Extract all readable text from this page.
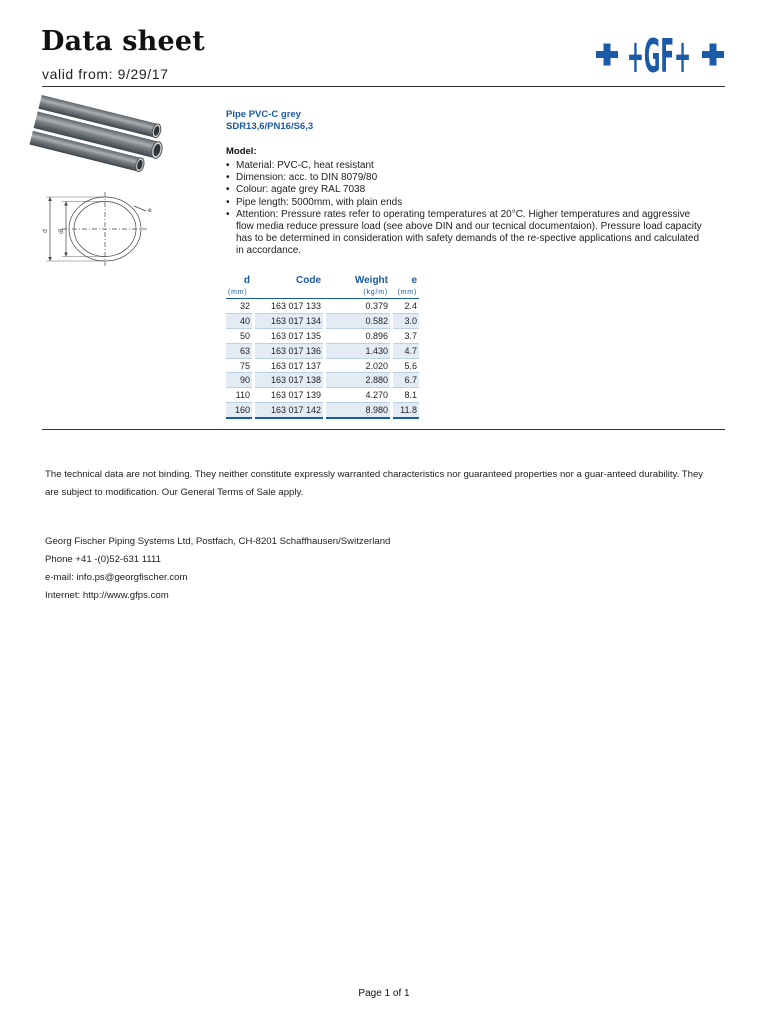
Data sheet
valid from: 9/29/17	+GF+
d di
e
Pipe PVC-C grey
SDR13,6/PN16/S6,3
Model:
• Material: PVC-C, heat resistant
• Dimension: acc. to DIN 8079/80
• Colour: agate grey RAL 7038
• Pipe length: 5000mm, with plain ends
• Attention: Pressure rates refer to operating temperatures at 20°C. Higher temperatures and aggressive flow media reduce pressure load (see above DIN and our tecnical documentaion). Pressure load capacity has to be determined in consideration with safety demands of the re-spective applications and calculated in accordance.
d		Code		Weight		e
(mm)				(kg/m)		(mm)
32		163 017 133		0.379		2.4
40		163 017 134		0.582		3.0
50		163 017 135		0.896		3.7
63		163 017 136		1.430		4.7
75		163 017 137		2.020		5.6
90		163 017 138		2.880		6.7
110		163 017 139		4.270		8.1
160		163 017 142		8.980		11.8

The technical data are not binding. They neither constitute expressly warranted characteristics nor guaranteed properties nor a guar-anteed durability. They are subject to modification. Our General Terms of Sale apply.

Georg Fischer Piping Systems Ltd, Postfach, CH-8201 Schaffhausen/Switzerland
Phone +41 -(0)52-631 1111
e-mail: info.ps@georgfischer.com
Internet: http://www.gfps.com
Page 1 of 1
